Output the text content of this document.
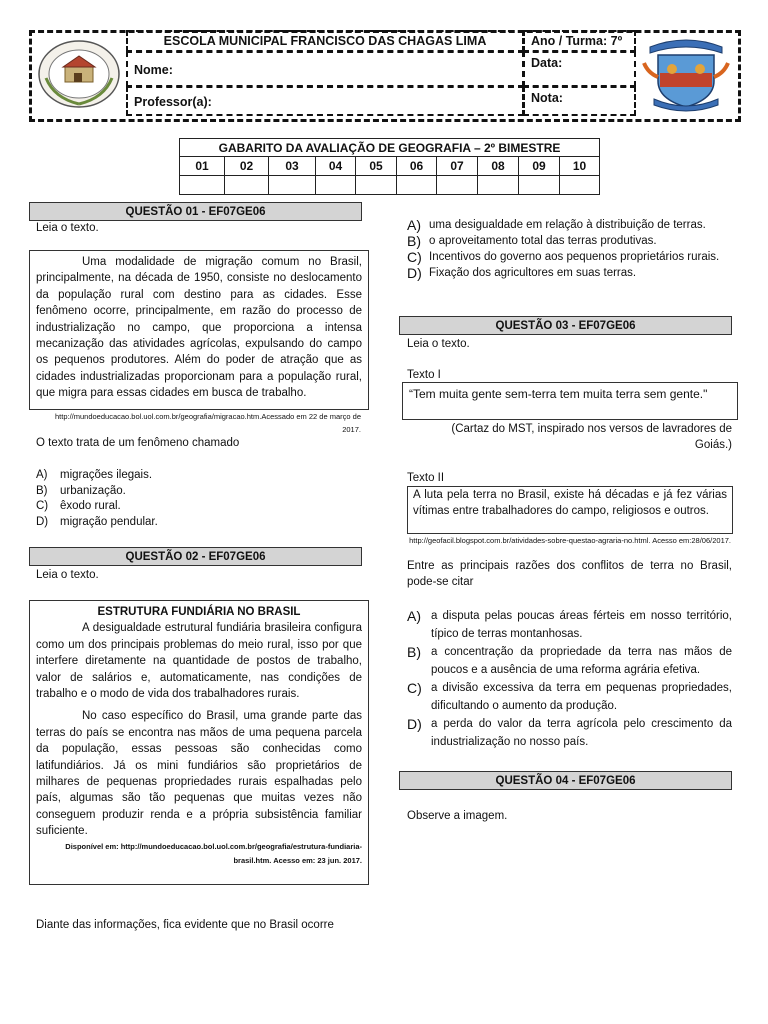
ESCOLA MUNICIPAL FRANCISCO DAS CHAGAS LIMA
Nome:
Professor(a):
Ano / Turma: 7º
Data:
Nota:
GABARITO DA AVALIAÇÃO DE GEOGRAFIA – 2º BIMESTRE									
01	02	03	04	05	06	07	08	09	10

QUESTÃO 01 - EF07GE06
Leia o texto.

Uma modalidade de migração comum no Brasil, principalmente, na década de 1950, consiste no deslocamento da população rural com destino para as cidades. Esse fenômeno ocorre, principalmente, em razão do processo de industrialização no campo, que proporciona a intensa mecanização das atividades agrícolas, expulsando do campo os pequenos produtores. Além do poder de atração que as cidades industrializadas proporcionam para a população rural, que migra para essas cidades em busca de trabalho.

http://mundoeducacao.bol.uol.com.br/geografia/migracao.htm.Acessado em 22 de março de 2017.
O texto trata de um fenômeno chamado
A)	migrações ilegais.
B)	urbanização.
C)	êxodo rural.
D)	migração pendular.
QUESTÃO 02 - EF07GE06
Leia o texto.

ESTRUTURA FUNDIÁRIA NO BRASIL

A desigualdade estrutural fundiária brasileira configura como um dos principais problemas do meio rural, isso por que interfere diretamente na quantidade de postos de trabalho, valor de salários e, automaticamente, nas condições de trabalho e o modo de vida dos trabalhadores rurais.

No caso específico do Brasil, uma grande parte das terras do país se encontra nas mãos de uma pequena parcela da população, essas pessoas são conhecidas como latifundiários. Já os mini fundiários são proprietários de milhares de pequenas propriedades rurais espalhadas pelo país, algumas são tão pequenas que muitas vezes não conseguem produzir renda e a própria subsistência familiar suficiente.

Disponível em: http://mundoeducacao.bol.uol.com.br/geografia/estrutura-fundiaria-brasil.htm. Acesso em: 23 jun. 2017.

Diante das informações, fica evidente que no Brasil ocorre
A) uma desigualdade em relação à distribuição de terras.
B) o aproveitamento total das terras produtivas.
C) Incentivos do governo aos pequenos proprietários rurais.
D) Fixação dos agricultores em suas terras.
QUESTÃO 03 - EF07GE06
Leia o texto.
Texto I

“Tem muita gente sem-terra tem muita terra sem gente."

(Cartaz do MST, inspirado nos versos de lavradores de Goiás.)
Texto II

A luta pela terra no Brasil, existe há décadas e já fez várias vítimas entre trabalhadores do campo, religiosos e outros.

http://geofacil.blogspot.com.br/atividades-sobre-questao-agraria-no.html. Acesso em:28/06/2017.
Entre as principais razões dos conflitos de terra no Brasil, pode-se citar
A) a disputa pelas poucas áreas férteis em nosso território, típico de terras montanhosas.
B) a concentração da propriedade da terra nas mãos de poucos e a ausência de uma reforma agrária efetiva.
C) a divisão excessiva da terra em pequenas propriedades, dificultando o aumento da produção.
D) a perda do valor da terra agrícola pelo crescimento da industrialização no nosso país.
QUESTÃO 04 - EF07GE06
Observe a imagem.
